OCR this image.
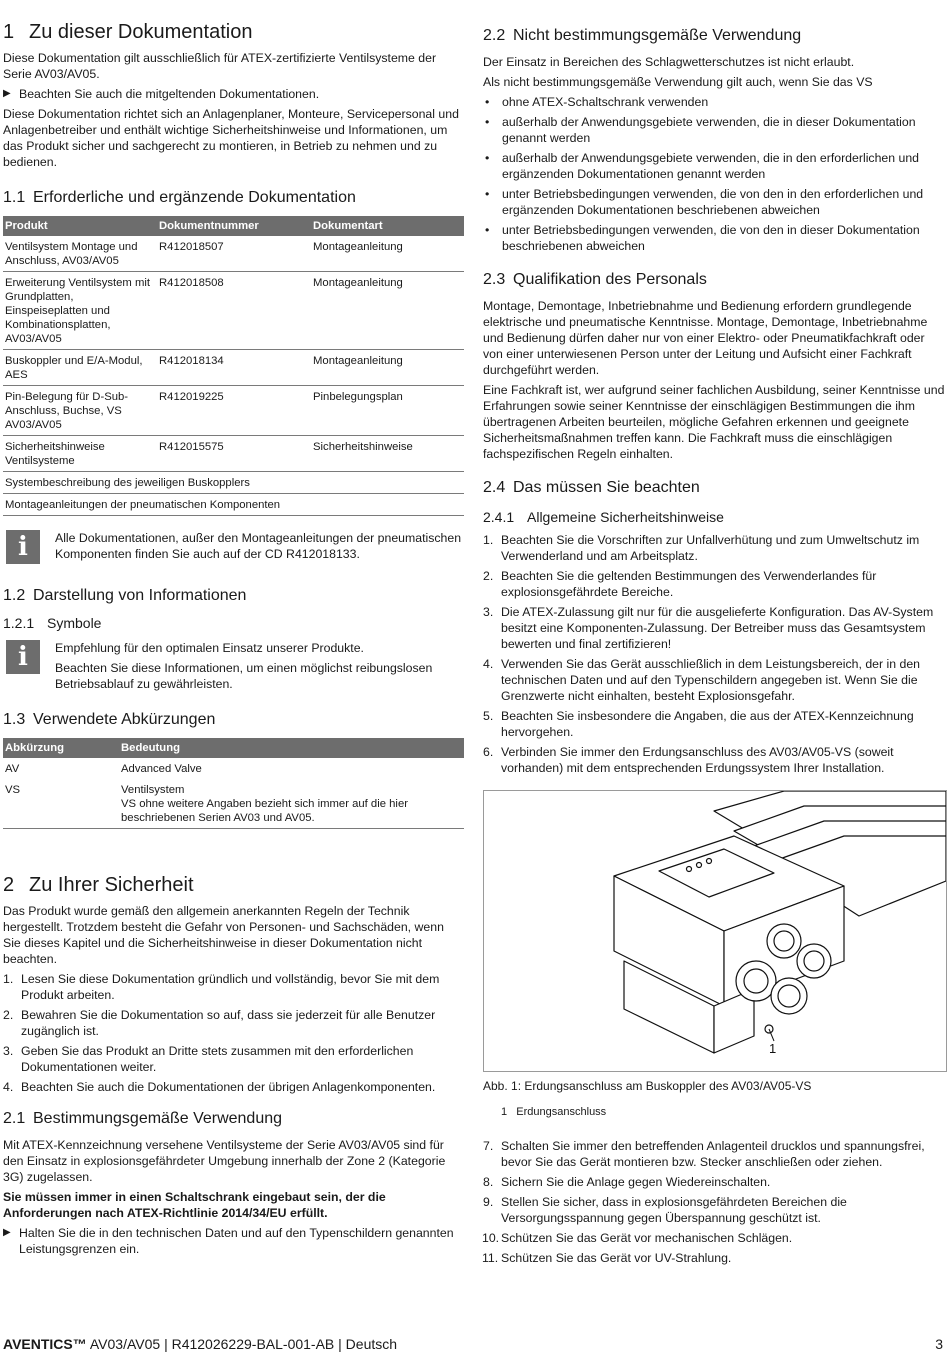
1 Zu dieser Dokumentation

Diese Dokumentation gilt ausschließlich für ATEX-zertifizierte Ventilsysteme der Serie AV03/AV05.

▶ Beachten Sie auch die mitgeltenden Dokumentationen.

Diese Dokumentation richtet sich an Anlagenplaner, Monteure, Servicepersonal und Anlagenbetreiber und enthält wichtige Sicherheitshinweise und Informationen, um das Produkt sicher und sachgerecht zu montieren, in Betrieb zu nehmen und zu bedienen.

1.1 Erforderliche und ergänzende Dokumentation
Produkt	Dokumentnummer	Dokumentart
Ventilsystem Montage und Anschluss, AV03/AV05	R412018507	Montageanleitung
Erweiterung Ventilsystem mit Grundplatten, Einspeiseplatten und Kombinationsplatten, AV03/AV05	R412018508	Montageanleitung
Buskoppler und E/A-Modul, AES	R412018134	Montageanleitung
Pin-Belegung für D-Sub-Anschluss, Buchse, VS AV03/AV05	R412019225	Pinbelegungsplan
Sicherheitshinweise Ventilsysteme	R412015575	Sicherheitshinweise
Systembeschreibung des jeweiligen Buskopplers		
Montageanleitungen der pneumatischen Komponenten		
i	Alle Dokumentationen, außer den Montageanleitungen der pneumatischen Komponenten finden Sie auch auf der CD R412018133.

1.2 Darstellung von Informationen
1.2.1 Symbole
i	Empfehlung für den optimalen Einsatz unserer Produkte.

Beachten Sie diese Informationen, um einen möglichst reibungslosen Betriebsablauf zu gewährleisten.

1.3 Verwendete Abkürzungen
Abkürzung	Bedeutung
AV	Advanced Valve
VS	Ventilsystem
VS ohne weitere Angaben bezieht sich immer auf die hier beschriebenen Serien AV03 und AV05.
2 Zu Ihrer Sicherheit

Das Produkt wurde gemäß den allgemein anerkannten Regeln der Technik hergestellt. Trotzdem besteht die Gefahr von Personen- und Sachschäden, wenn Sie dieses Kapitel und die Sicherheitshinweise in dieser Dokumentation nicht beachten.

1. Lesen Sie diese Dokumentation gründlich und vollständig, bevor Sie mit dem Produkt arbeiten.
2. Bewahren Sie die Dokumentation so auf, dass sie jederzeit für alle Benutzer zugänglich ist.
3. Geben Sie das Produkt an Dritte stets zusammen mit den erforderlichen Dokumentationen weiter.
4. Beachten Sie auch die Dokumentationen der übrigen Anlagenkomponenten.
2.1 Bestimmungsgemäße Verwendung

Mit ATEX-Kennzeichnung versehene Ventilsysteme der Serie AV03/AV05 sind für den Einsatz in explosionsgefährdeter Umgebung innerhalb der Zone 2 (Kategorie 3G) zugelassen.

Sie müssen immer in einen Schaltschrank eingebaut sein, der die Anforderungen nach ATEX-Richtlinie 2014/34/EU erfüllt.

▶ Halten Sie die in den technischen Daten und auf den Typenschildern genannten Leistungsgrenzen ein.
2.2 Nicht bestimmungsgemäße Verwendung

Der Einsatz in Bereichen des Schlagwetterschutzes ist nicht erlaubt.

Als nicht bestimmungsgemäße Verwendung gilt auch, wenn Sie das VS

• ohne ATEX-Schaltschrank verwenden
• außerhalb der Anwendungsgebiete verwenden, die in dieser Dokumentation genannt werden
• außerhalb der Anwendungsgebiete verwenden, die in den erforderlichen und ergänzenden Dokumentationen genannt werden
• unter Betriebsbedingungen verwenden, die von den in den erforderlichen und ergänzenden Dokumentationen beschriebenen abweichen
• unter Betriebsbedingungen verwenden, die von den in dieser Dokumentation beschriebenen abweichen
2.3 Qualifikation des Personals

Montage, Demontage, Inbetriebnahme und Bedienung erfordern grundlegende elektrische und pneumatische Kenntnisse. Montage, Demontage, Inbetriebnahme und Bedienung dürfen daher nur von einer Elektro- oder Pneumatikfachkraft oder von einer unterwiesenen Person unter der Leitung und Aufsicht einer Fachkraft durchgeführt werden.

Eine Fachkraft ist, wer aufgrund seiner fachlichen Ausbildung, seiner Kenntnisse und Erfahrungen sowie seiner Kenntnisse der einschlägigen Bestimmungen die ihm übertragenen Arbeiten beurteilen, mögliche Gefahren erkennen und geeignete Sicherheitsmaßnahmen treffen kann. Die Fachkraft muss die einschlägigen fachspezifischen Regeln einhalten.

2.4 Das müssen Sie beachten
2.4.1 Allgemeine Sicherheitshinweise
1. Beachten Sie die Vorschriften zur Unfallverhütung und zum Umweltschutz im Verwenderland und am Arbeitsplatz.
2. Beachten Sie die geltenden Bestimmungen des Verwenderlandes für explosionsgefährdete Bereiche.
3. Die ATEX-Zulassung gilt nur für die ausgelieferte Konfiguration. Das AV-System besitzt eine Komponenten-Zulassung. Der Betreiber muss das Gesamtsystem bewerten und final zertifizieren!
4. Verwenden Sie das Gerät ausschließlich in dem Leistungsbereich, der in den technischen Daten und auf den Typenschildern angegeben ist. Wenn Sie die Grenzwerte nicht einhalten, besteht Explosionsgefahr.
5. Beachten Sie insbesondere die Angaben, die aus der ATEX-Kennzeichnung hervorgehen.
6. Verbinden Sie immer den Erdungsanschluss des AV03/AV05-VS (soweit vorhanden) mit dem entsprechenden Erdungssystem Ihrer Installation.
1

Abb. 1: Erdungsanschluss am Buskoppler des AV03/AV05-VS

1 Erdungsanschluss

7. Schalten Sie immer den betreffenden Anlagenteil drucklos und spannungsfrei, bevor Sie das Gerät montieren bzw. Stecker anschließen oder ziehen.
8. Sichern Sie die Anlage gegen Wiedereinschalten.
9. Stellen Sie sicher, dass in explosionsgefährdeten Bereichen die Versorgungsspannung gegen Überspannung geschützt ist.
10. Schützen Sie das Gerät vor mechanischen Schlägen.
11. Schützen Sie das Gerät vor UV-Strahlung.
AVENTICS™ AV03/AV05 | R412026229-BAL-001-AB | Deutsch	3
